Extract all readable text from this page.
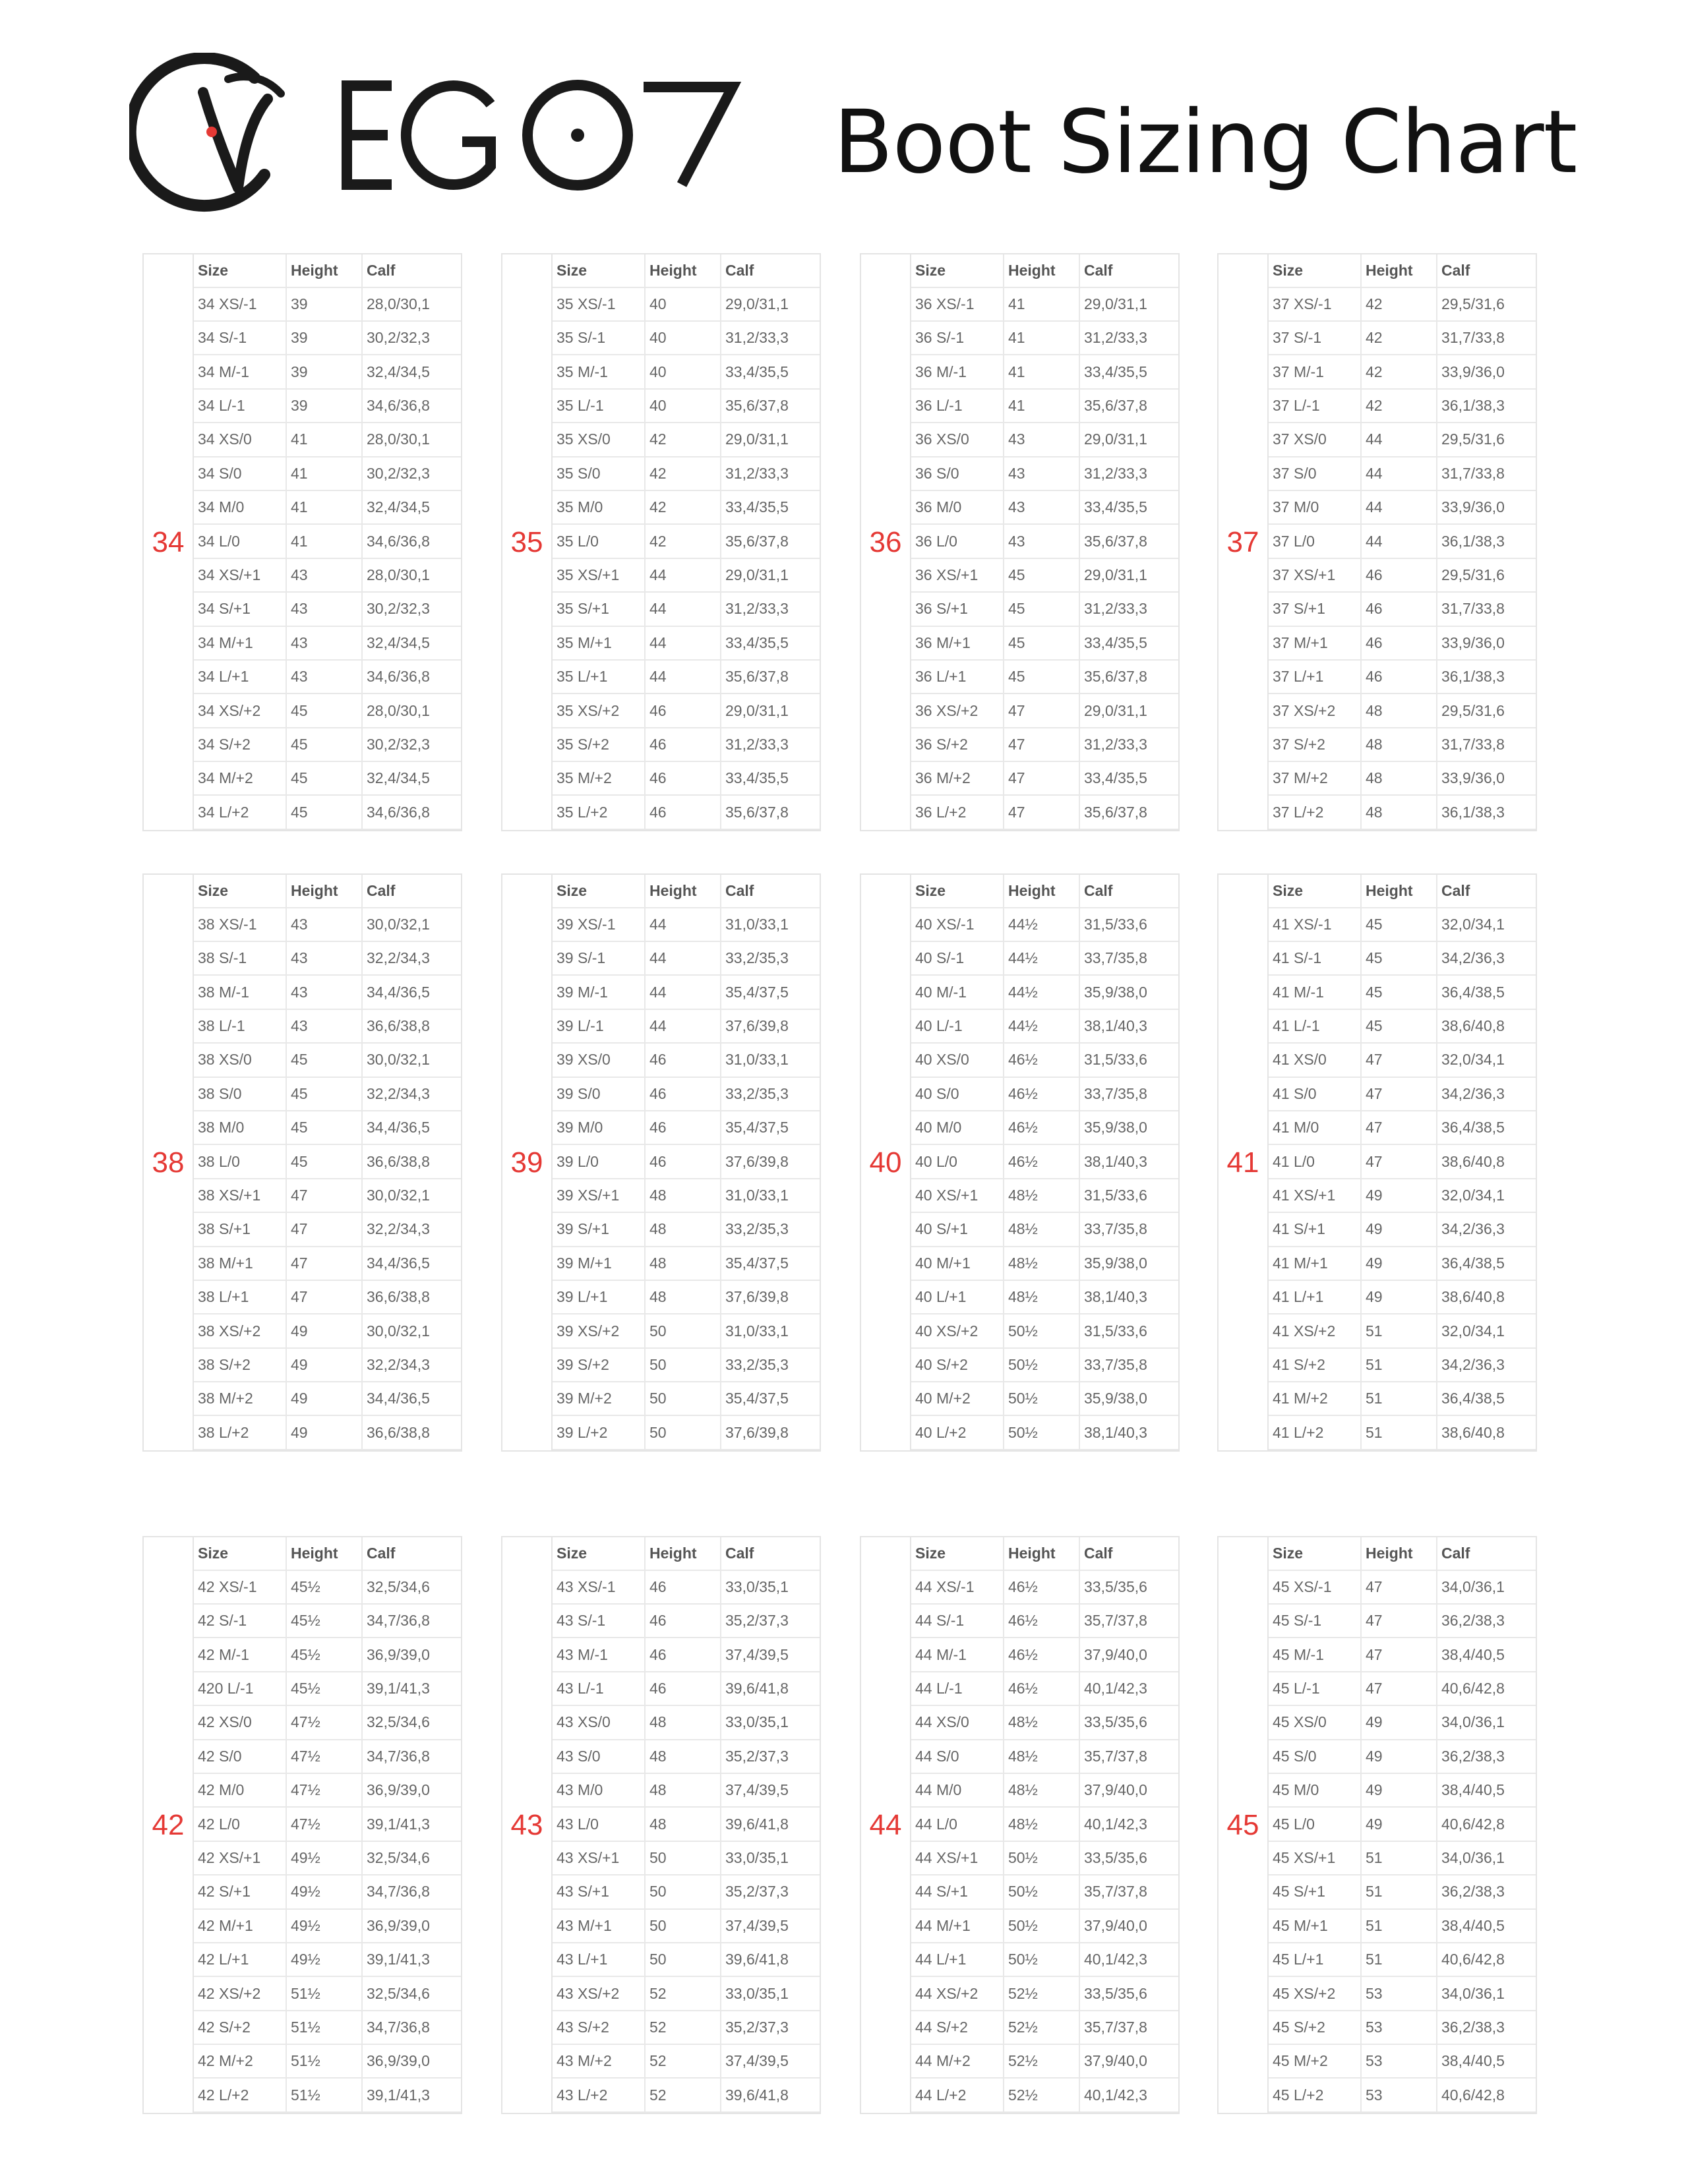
Boot Sizing Chart
34
Size	Height	Calf
34 XS/-1	39	28,0/30,1
34 S/-1	39	30,2/32,3
34 M/-1	39	32,4/34,5
34 L/-1	39	34,6/36,8
34 XS/0	41	28,0/30,1
34 S/0	41	30,2/32,3
34 M/0	41	32,4/34,5
34 L/0	41	34,6/36,8
34 XS/+1	43	28,0/30,1
34 S/+1	43	30,2/32,3
34 M/+1	43	32,4/34,5
34 L/+1	43	34,6/36,8
34 XS/+2	45	28,0/30,1
34 S/+2	45	30,2/32,3
34 M/+2	45	32,4/34,5
34 L/+2	45	34,6/36,8
35
Size	Height	Calf
35 XS/-1	40	29,0/31,1
35 S/-1	40	31,2/33,3
35 M/-1	40	33,4/35,5
35 L/-1	40	35,6/37,8
35 XS/0	42	29,0/31,1
35 S/0	42	31,2/33,3
35 M/0	42	33,4/35,5
35 L/0	42	35,6/37,8
35 XS/+1	44	29,0/31,1
35 S/+1	44	31,2/33,3
35 M/+1	44	33,4/35,5
35 L/+1	44	35,6/37,8
35 XS/+2	46	29,0/31,1
35 S/+2	46	31,2/33,3
35 M/+2	46	33,4/35,5
35 L/+2	46	35,6/37,8
36
Size	Height	Calf
36 XS/-1	41	29,0/31,1
36 S/-1	41	31,2/33,3
36 M/-1	41	33,4/35,5
36 L/-1	41	35,6/37,8
36 XS/0	43	29,0/31,1
36 S/0	43	31,2/33,3
36 M/0	43	33,4/35,5
36 L/0	43	35,6/37,8
36 XS/+1	45	29,0/31,1
36 S/+1	45	31,2/33,3
36 M/+1	45	33,4/35,5
36 L/+1	45	35,6/37,8
36 XS/+2	47	29,0/31,1
36 S/+2	47	31,2/33,3
36 M/+2	47	33,4/35,5
36 L/+2	47	35,6/37,8
37
Size	Height	Calf
37 XS/-1	42	29,5/31,6
37 S/-1	42	31,7/33,8
37 M/-1	42	33,9/36,0
37 L/-1	42	36,1/38,3
37 XS/0	44	29,5/31,6
37 S/0	44	31,7/33,8
37 M/0	44	33,9/36,0
37 L/0	44	36,1/38,3
37 XS/+1	46	29,5/31,6
37 S/+1	46	31,7/33,8
37 M/+1	46	33,9/36,0
37 L/+1	46	36,1/38,3
37 XS/+2	48	29,5/31,6
37 S/+2	48	31,7/33,8
37 M/+2	48	33,9/36,0
37 L/+2	48	36,1/38,3
38
Size	Height	Calf
38 XS/-1	43	30,0/32,1
38 S/-1	43	32,2/34,3
38 M/-1	43	34,4/36,5
38 L/-1	43	36,6/38,8
38 XS/0	45	30,0/32,1
38 S/0	45	32,2/34,3
38 M/0	45	34,4/36,5
38 L/0	45	36,6/38,8
38 XS/+1	47	30,0/32,1
38 S/+1	47	32,2/34,3
38 M/+1	47	34,4/36,5
38 L/+1	47	36,6/38,8
38 XS/+2	49	30,0/32,1
38 S/+2	49	32,2/34,3
38 M/+2	49	34,4/36,5
38 L/+2	49	36,6/38,8
39
Size	Height	Calf
39 XS/-1	44	31,0/33,1
39 S/-1	44	33,2/35,3
39 M/-1	44	35,4/37,5
39 L/-1	44	37,6/39,8
39 XS/0	46	31,0/33,1
39 S/0	46	33,2/35,3
39 M/0	46	35,4/37,5
39 L/0	46	37,6/39,8
39 XS/+1	48	31,0/33,1
39 S/+1	48	33,2/35,3
39 M/+1	48	35,4/37,5
39 L/+1	48	37,6/39,8
39 XS/+2	50	31,0/33,1
39 S/+2	50	33,2/35,3
39 M/+2	50	35,4/37,5
39 L/+2	50	37,6/39,8
40
Size	Height	Calf
40 XS/-1	44½	31,5/33,6
40 S/-1	44½	33,7/35,8
40 M/-1	44½	35,9/38,0
40 L/-1	44½	38,1/40,3
40 XS/0	46½	31,5/33,6
40 S/0	46½	33,7/35,8
40 M/0	46½	35,9/38,0
40 L/0	46½	38,1/40,3
40 XS/+1	48½	31,5/33,6
40 S/+1	48½	33,7/35,8
40 M/+1	48½	35,9/38,0
40 L/+1	48½	38,1/40,3
40 XS/+2	50½	31,5/33,6
40 S/+2	50½	33,7/35,8
40 M/+2	50½	35,9/38,0
40 L/+2	50½	38,1/40,3
41
Size	Height	Calf
41 XS/-1	45	32,0/34,1
41 S/-1	45	34,2/36,3
41 M/-1	45	36,4/38,5
41 L/-1	45	38,6/40,8
41 XS/0	47	32,0/34,1
41 S/0	47	34,2/36,3
41 M/0	47	36,4/38,5
41 L/0	47	38,6/40,8
41 XS/+1	49	32,0/34,1
41 S/+1	49	34,2/36,3
41 M/+1	49	36,4/38,5
41 L/+1	49	38,6/40,8
41 XS/+2	51	32,0/34,1
41 S/+2	51	34,2/36,3
41 M/+2	51	36,4/38,5
41 L/+2	51	38,6/40,8
42
Size	Height	Calf
42 XS/-1	45½	32,5/34,6
42 S/-1	45½	34,7/36,8
42 M/-1	45½	36,9/39,0
420 L/-1	45½	39,1/41,3
42 XS/0	47½	32,5/34,6
42 S/0	47½	34,7/36,8
42 M/0	47½	36,9/39,0
42 L/0	47½	39,1/41,3
42 XS/+1	49½	32,5/34,6
42 S/+1	49½	34,7/36,8
42 M/+1	49½	36,9/39,0
42 L/+1	49½	39,1/41,3
42 XS/+2	51½	32,5/34,6
42 S/+2	51½	34,7/36,8
42 M/+2	51½	36,9/39,0
42 L/+2	51½	39,1/41,3
43
Size	Height	Calf
43 XS/-1	46	33,0/35,1
43 S/-1	46	35,2/37,3
43 M/-1	46	37,4/39,5
43 L/-1	46	39,6/41,8
43 XS/0	48	33,0/35,1
43 S/0	48	35,2/37,3
43 M/0	48	37,4/39,5
43 L/0	48	39,6/41,8
43 XS/+1	50	33,0/35,1
43 S/+1	50	35,2/37,3
43 M/+1	50	37,4/39,5
43 L/+1	50	39,6/41,8
43 XS/+2	52	33,0/35,1
43 S/+2	52	35,2/37,3
43 M/+2	52	37,4/39,5
43 L/+2	52	39,6/41,8
44
Size	Height	Calf
44 XS/-1	46½	33,5/35,6
44 S/-1	46½	35,7/37,8
44 M/-1	46½	37,9/40,0
44 L/-1	46½	40,1/42,3
44 XS/0	48½	33,5/35,6
44 S/0	48½	35,7/37,8
44 M/0	48½	37,9/40,0
44 L/0	48½	40,1/42,3
44 XS/+1	50½	33,5/35,6
44 S/+1	50½	35,7/37,8
44 M/+1	50½	37,9/40,0
44 L/+1	50½	40,1/42,3
44 XS/+2	52½	33,5/35,6
44 S/+2	52½	35,7/37,8
44 M/+2	52½	37,9/40,0
44 L/+2	52½	40,1/42,3
45
Size	Height	Calf
45 XS/-1	47	34,0/36,1
45 S/-1	47	36,2/38,3
45 M/-1	47	38,4/40,5
45 L/-1	47	40,6/42,8
45 XS/0	49	34,0/36,1
45 S/0	49	36,2/38,3
45 M/0	49	38,4/40,5
45 L/0	49	40,6/42,8
45 XS/+1	51	34,0/36,1
45 S/+1	51	36,2/38,3
45 M/+1	51	38,4/40,5
45 L/+1	51	40,6/42,8
45 XS/+2	53	34,0/36,1
45 S/+2	53	36,2/38,3
45 M/+2	53	38,4/40,5
45 L/+2	53	40,6/42,8
